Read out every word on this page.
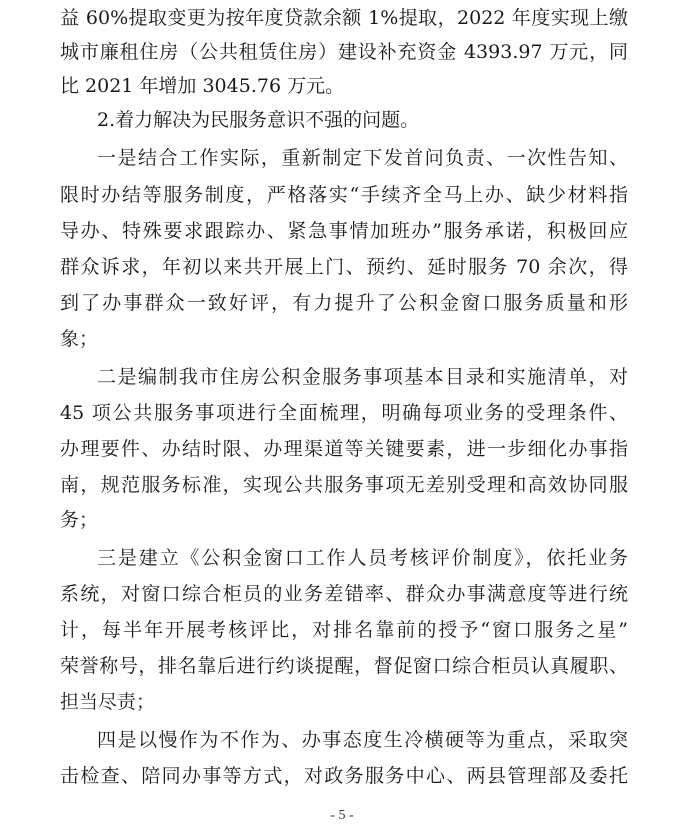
益 60%提取变更为按年度贷款余额 1%提取，2022 年度实现上缴
城市廉租住房（公共租赁住房）建设补充资金 4393.97 万元，同
比 2021 年增加 3045.76 万元。
2.着力解决为民服务意识不强的问题。
一是结合工作实际，重新制定下发首问负责、一次性告知、
限时办结等服务制度，严格落实“手续齐全马上办、缺少材料指
导办、特殊要求跟踪办、紧急事情加班办”服务承诺，积极回应
群众诉求，年初以来共开展上门、预约、延时服务 70 余次，得
到了办事群众一致好评，有力提升了公积金窗口服务质量和形
象；
二是编制我市住房公积金服务事项基本目录和实施清单，对
45 项公共服务事项进行全面梳理，明确每项业务的受理条件、
办理要件、办结时限、办理渠道等关键要素，进一步细化办事指
南，规范服务标准，实现公共服务事项无差别受理和高效协同服
务；
三是建立《公积金窗口工作人员考核评价制度》，依托业务
系统，对窗口综合柜员的业务差错率、群众办事满意度等进行统
计，每半年开展考核评比，对排名靠前的授予“窗口服务之星”
荣誉称号，排名靠后进行约谈提醒，督促窗口综合柜员认真履职、
担当尽责；
四是以慢作为不作为、办事态度生冷横硬等为重点，采取突
击检查、陪同办事等方式，对政务服务中心、两县管理部及委托
- 5 -
